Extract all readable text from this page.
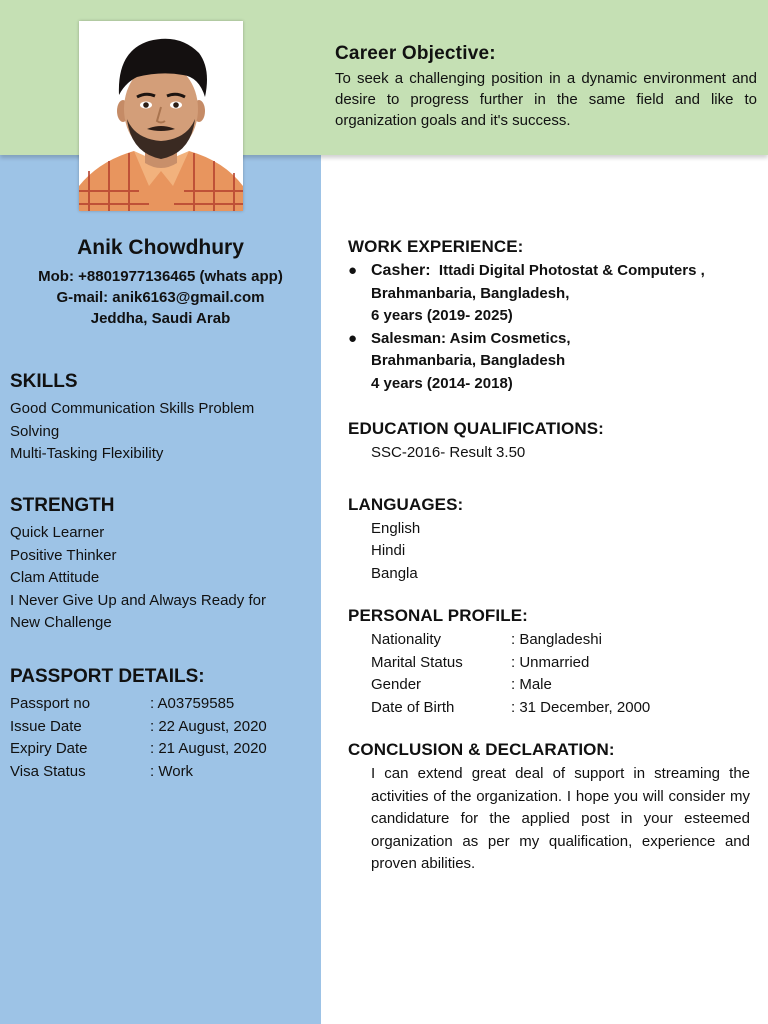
Career Objective:

To seek a challenging position in a dynamic environment and desire to progress further in the same field and like to organization goals and it's success.

Anik Chowdhury
Mob: +8801977136465 (whats app)
G-mail: anik6163@gmail.com
Jeddha, Saudi Arab
SKILLS
Good Communication Skills Problem
Solving
Multi-Tasking Flexibility
STRENGTH
Quick Learner
Positive Thinker
Clam Attitude
I Never Give Up and Always Ready for
New Challenge
PASSPORT DETAILS:
Passport no	: A03759585
Issue Date	: 22 August, 2020
Expiry Date	: 21 August, 2020
Visa Status	: Work
WORK EXPERIENCE:
● Casher: Ittadi Digital Photostat & Computers ,
Brahmanbaria, Bangladesh,
6 years (2019- 2025)
● Salesman: Asim Cosmetics,
Brahmanbaria, Bangladesh
4 years (2014- 2018)
EDUCATION QUALIFICATIONS:
SSC-2016- Result 3.50
LANGUAGES:
English
Hindi
Bangla
PERSONAL PROFILE:
Nationality	: Bangladeshi
Marital Status	: Unmarried
Gender	: Male
Date of Birth	: 31 December, 2000
CONCLUSION & DECLARATION:
I can extend great deal of support in streaming the activities of the organization. I hope you will consider my candidature for the applied post in your esteemed organization as per my qualification, experience and proven abilities.
